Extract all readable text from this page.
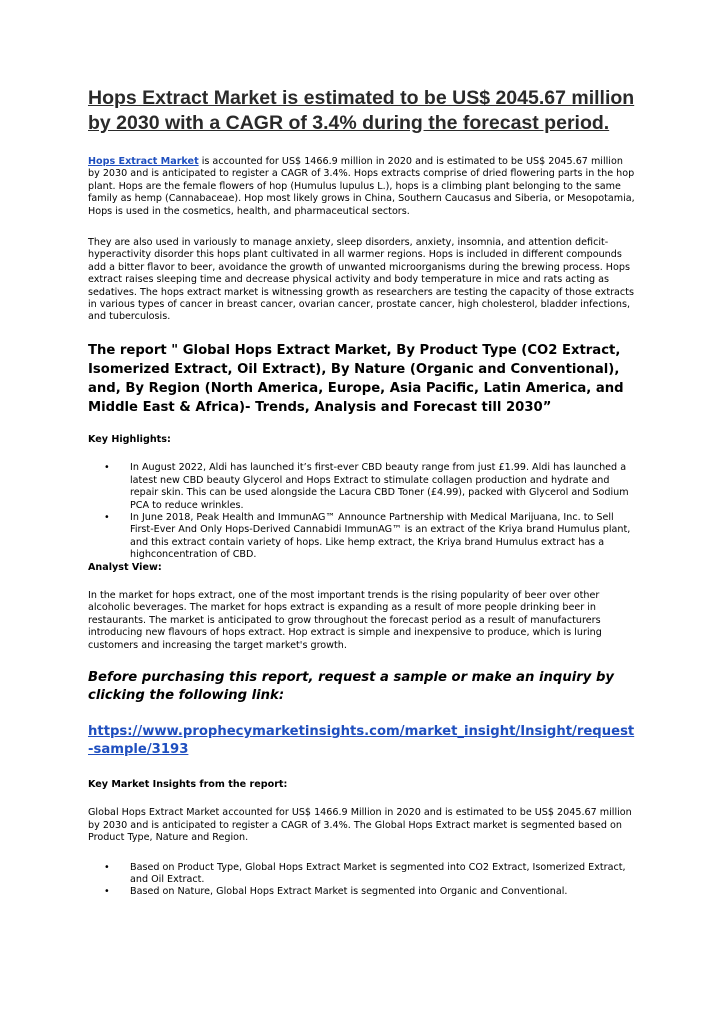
Hops Extract Market is estimated to be US$ 2045.67 million by 2030 with a CAGR of 3.4% during the forecast period.

Hops Extract Market is accounted for US$ 1466.9 million in 2020 and is estimated to be US$ 2045.67 million by 2030 and is anticipated to register a CAGR of 3.4%. Hops extracts comprise of dried flowering parts in the hop plant. Hops are the female flowers of hop (Humulus lupulus L.), hops is a climbing plant belonging to the same family as hemp (Cannabaceae). Hop most likely grows in China, Southern Caucasus and Siberia, or Mesopotamia, Hops is used in the cosmetics, health, and pharmaceutical sectors.

They are also used in variously to manage anxiety, sleep disorders, anxiety, insomnia, and attention deficit-hyperactivity disorder this hops plant cultivated in all warmer regions. Hops is included in different compounds add a bitter flavor to beer, avoidance the growth of unwanted microorganisms during the brewing process. Hops extract raises sleeping time and decrease physical activity and body temperature in mice and rats acting as sedatives. The hops extract market is witnessing growth as researchers are testing the capacity of those extracts in various types of cancer in breast cancer, ovarian cancer, prostate cancer, high cholesterol, bladder infections, and tuberculosis.

The report " Global Hops Extract Market, By Product Type (CO2 Extract, Isomerized Extract, Oil Extract), By Nature (Organic and Conventional), and, By Region (North America, Europe, Asia Pacific, Latin America, and Middle East & Africa)- Trends, Analysis and Forecast till 2030”
Key Highlights:
• In August 2022, Aldi has launched it’s first-ever CBD beauty range from just £1.99. Aldi has launched a latest new CBD beauty Glycerol and Hops Extract to stimulate collagen production and hydrate and repair skin. This can be used alongside the Lacura CBD Toner (£4.99), packed with Glycerol and Sodium PCA to reduce wrinkles.
• In June 2018, Peak Health and ImmunAG™ Announce Partnership with Medical Marijuana, Inc. to Sell First-Ever And Only Hops-Derived Cannabidi ImmunAG™ is an extract of the Kriya brand Humulus plant, and this extract contain variety of hops. Like hemp extract, the Kriya brand Humulus extract has a highconcentration of CBD.
Analyst View:

In the market for hops extract, one of the most important trends is the rising popularity of beer over other alcoholic beverages. The market for hops extract is expanding as a result of more people drinking beer in restaurants. The market is anticipated to grow throughout the forecast period as a result of manufacturers introducing new flavours of hops extract. Hop extract is simple and inexpensive to produce, which is luring customers and increasing the target market's growth.

Before purchasing this report, request a sample or make an inquiry by clicking the following link:
https://www.prophecymarketinsights.com/market_insight/Insight/request-sample/3193
Key Market Insights from the report:

Global Hops Extract Market accounted for US$ 1466.9 Million in 2020 and is estimated to be US$ 2045.67 million by 2030 and is anticipated to register a CAGR of 3.4%. The Global Hops Extract market is segmented based on Product Type, Nature and Region.

• Based on Product Type, Global Hops Extract Market is segmented into CO2 Extract, Isomerized Extract, and Oil Extract.
• Based on Nature, Global Hops Extract Market is segmented into Organic and Conventional.
